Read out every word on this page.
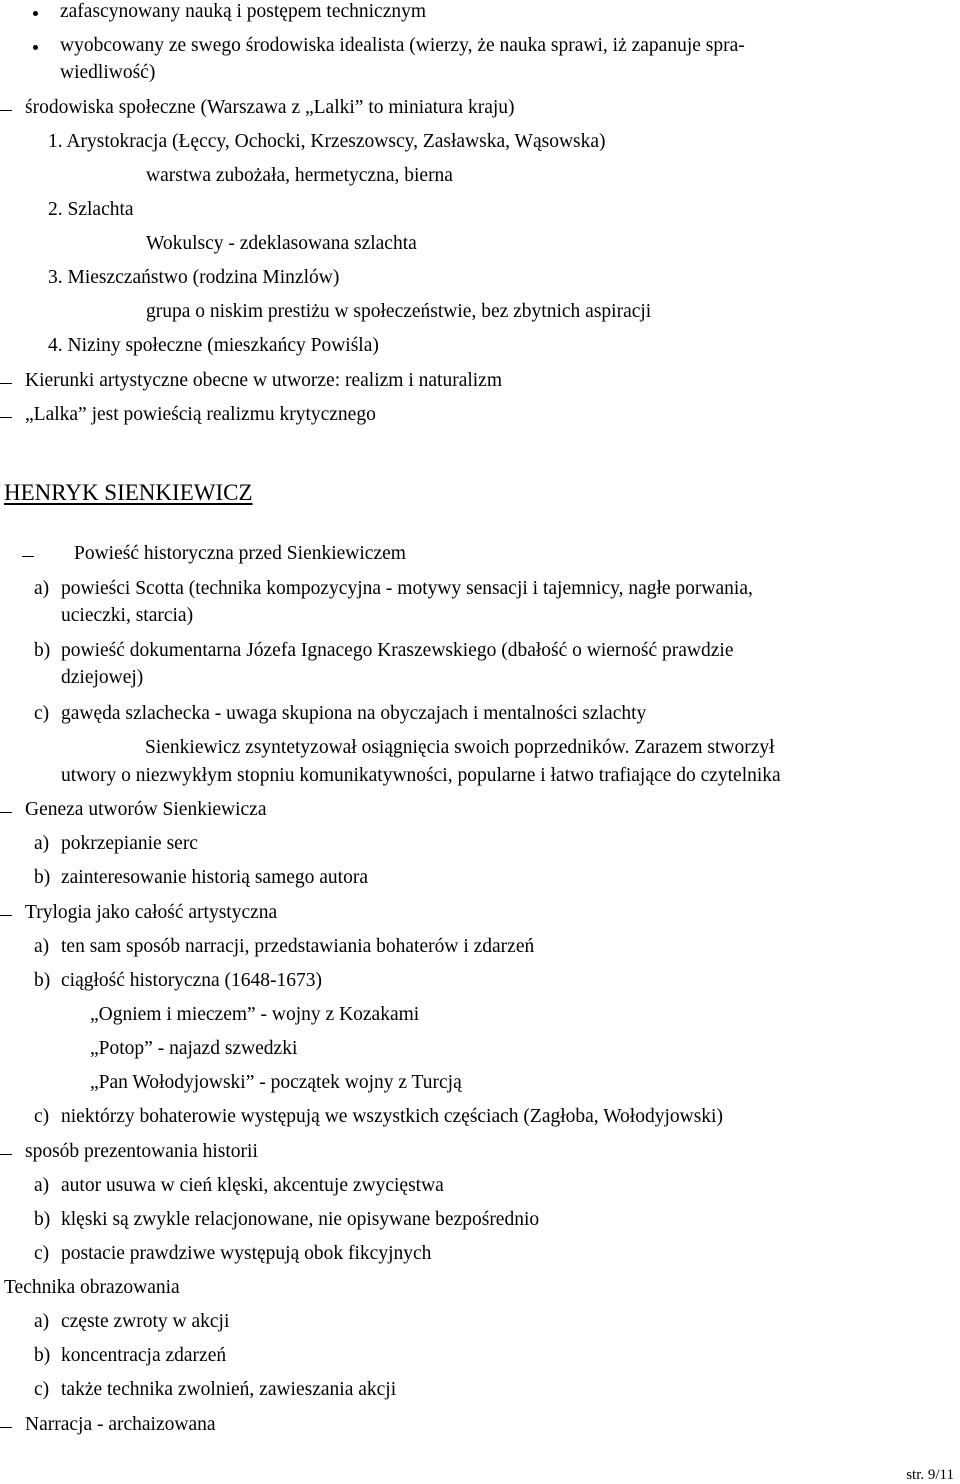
zafascynowany nauką i postępem technicznym
wyobcowany ze swego środowiska idealista (wierzy, że nauka sprawi, iż zapanuje spra-
wiedliwość)
środowiska społeczne (Warszawa z „Lalki” to miniatura kraju)
1. Arystokracja (Łęccy, Ochocki, Krzeszowscy, Zasławska, Wąsowska)
warstwa zubożała, hermetyczna, bierna
2. Szlachta
Wokulscy - zdeklasowana szlachta
3. Mieszczaństwo (rodzina Minzlów)
grupa o niskim prestiżu w społeczeństwie, bez zbytnich aspiracji
4. Niziny społeczne (mieszkańcy Powiśla)
Kierunki artystyczne obecne w utworze: realizm i naturalizm
„Lalka” jest powieścią realizmu krytycznego
HENRYK SIENKIEWICZ
Powieść historyczna przed Sienkiewiczem
a) powieści Scotta (technika kompozycyjna - motywy sensacji i tajemnicy, nagłe porwania,
ucieczki, starcia)
b) powieść dokumentarna Józefa Ignacego Kraszewskiego (dbałość o wierność prawdzie
dziejowej)
c) gawęda szlachecka - uwaga skupiona na obyczajach i mentalności szlachty
Sienkiewicz zsyntetyzował osiągnięcia swoich poprzedników. Zarazem stworzył
utwory o niezwykłym stopniu komunikatywności, popularne i łatwo trafiające do czytelnika
Geneza utworów Sienkiewicza
a) pokrzepianie serc
b) zainteresowanie historią samego autora
Trylogia jako całość artystyczna
a) ten sam sposób narracji, przedstawiania bohaterów i zdarzeń
b) ciągłość historyczna (1648-1673)
„Ogniem i mieczem” - wojny z Kozakami
„Potop” - najazd szwedzki
„Pan Wołodyjowski” - początek wojny z Turcją
c) niektórzy bohaterowie występują we wszystkich częściach (Zagłoba, Wołodyjowski)
sposób prezentowania historii
a) autor usuwa w cień klęski, akcentuje zwycięstwa
b) klęski są zwykle relacjonowane, nie opisywane bezpośrednio
c) postacie prawdziwe występują obok fikcyjnych
Technika obrazowania
a) częste zwroty w akcji
b) koncentracja zdarzeń
c) także technika zwolnień, zawieszania akcji
Narracja - archaizowana
str. 9/11
